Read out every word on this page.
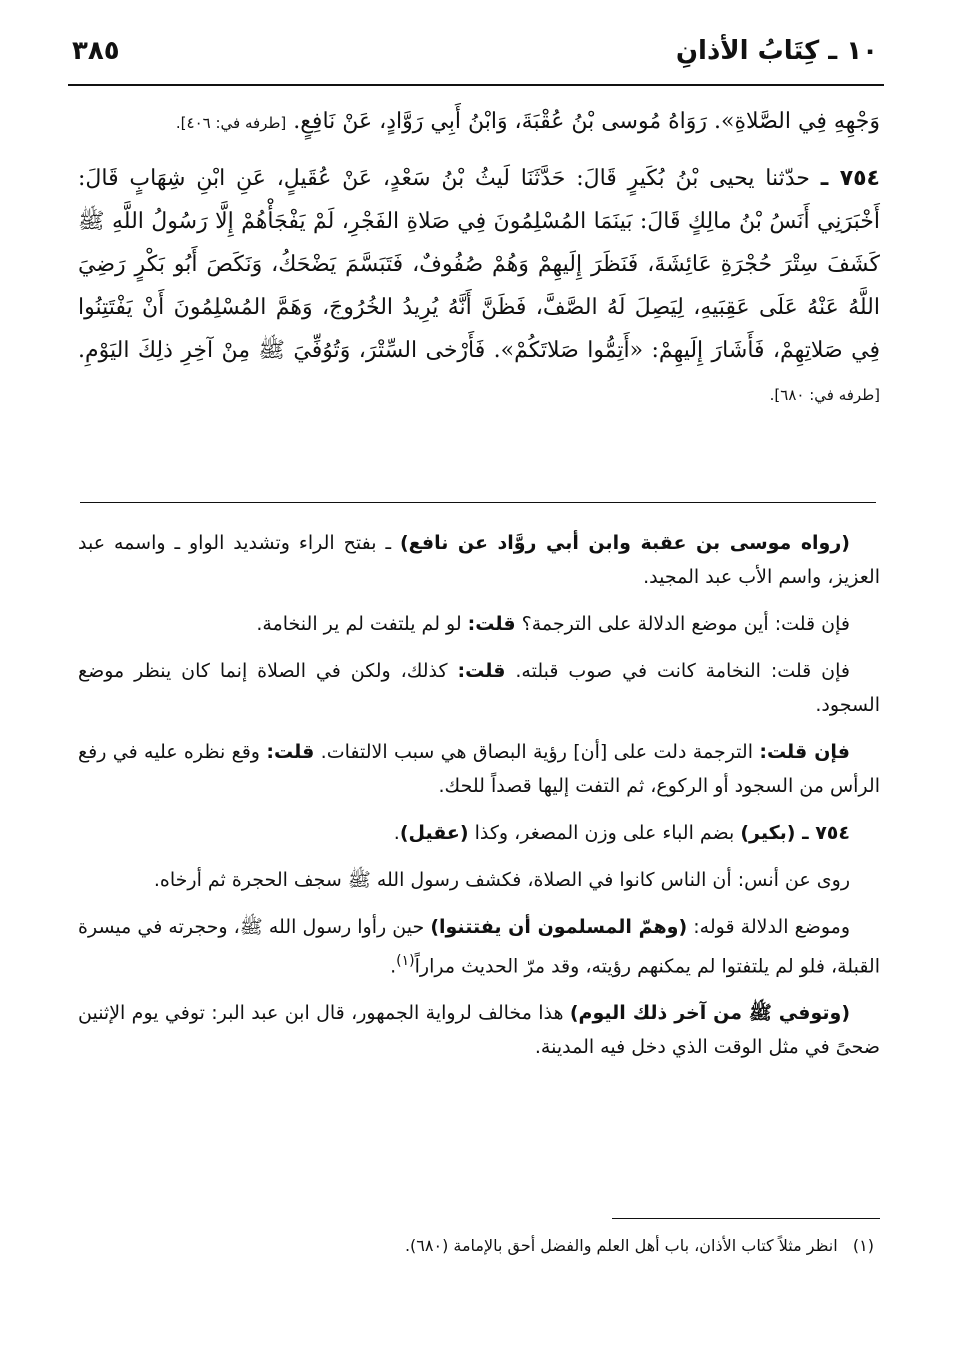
١٠ ـ كِتَابُ الأذانِ
٣٨٥

وَجْهِهِ فِي الصَّلاةِ». رَوَاهُ مُوسى بْنُ عُقْبَةَ، وَابْنُ أَبِي رَوَّادٍ، عَنْ نَافِعٍ. [طرفه في: ٤٠٦].

٧٥٤ ـ حدّثنا يحيى بْنُ بُكَيرٍ قَالَ: حَدَّثَنَا لَيثُ بْنُ سَعْدٍ، عَنْ عُقَيلٍ، عَنِ ابْنِ شِهَابٍ قَالَ: أَخْبَرَنِي أَنَسُ بْنُ مالِكٍ قَالَ: بَينَمَا المُسْلِمُونَ فِي صَلاةِ الفَجْرِ، لَمْ يَفْجَأْهُمْ إِلَّا رَسُولُ اللَّهِ ﷺ كَشَفَ سِتْرَ حُجْرَةِ عَائِشَةَ، فَنَظَرَ إِلَيهِمْ وَهُمْ صُفُوفٌ، فَتَبَسَّمَ يَضْحَكُ، وَنَكَصَ أَبُو بَكْرٍ رَضِيَ اللَّهُ عَنْهُ عَلَى عَقِبَيهِ، لِيَصِلَ لَهُ الصَّفَّ، فَظَنَّ أَنَّهُ يُرِيدُ الخُرُوجَ، وَهَمَّ المُسْلِمُونَ أَنْ يَفْتَتِنُوا فِي صَلاتِهِمْ، فَأَشَارَ إِلَيهِمْ: «أَتِمُّوا صَلاتَكُمْ». فَأَرْخى السِّتْرَ، وَتُوُفِّيَ ﷺ مِنْ آخِرِ ذلِكَ اليَوْمِ. [طرفه في: ٦٨٠].

(رواه موسى بن عقبة وابن أبي روَّاد عن نافع) ـ بفتح الراء وتشديد الواو ـ واسمه عبد العزيز، واسم الأب عبد المجيد.

فإن قلت: أين موضع الدلالة على الترجمة؟ قلت: لو لم يلتفت لم ير النخامة.

فإن قلت: النخامة كانت في صوب قبلته. قلت: كذلك، ولكن في الصلاة إنما كان ينظر موضع السجود.

فإن قلت: الترجمة دلت على [أن] رؤية البصاق هي سبب الالتفات. قلت: وقع نظره عليه في رفع الرأس من السجود أو الركوع، ثم التفت إليها قصداً للحك.

٧٥٤ ـ (بكير) بضم الباء على وزن المصغر، وكذا (عقيل).

روى عن أنس: أن الناس كانوا في الصلاة، فكشف رسول الله ﷺ سجف الحجرة ثم أرخاه.

وموضع الدلالة قوله: (وهمّ المسلمون أن يفتتنوا) حين رأوا رسول الله ﷺ، وحجرته في ميسرة القبلة، فلو لم يلتفتوا لم يمكنهم رؤيته، وقد مرّ الحديث مراراً$^{(١)}$.

(وتوفي ﷺ من آخر ذلك اليوم) هذا مخالف لرواية الجمهور، قال ابن عبد البر: توفي يوم الإثنين ضحىً في مثل الوقت الذي دخل فيه المدينة.

(١)   انظر مثلاً كتاب الأذان، باب أهل العلم والفضل أحق بالإمامة (٦٨٠).
